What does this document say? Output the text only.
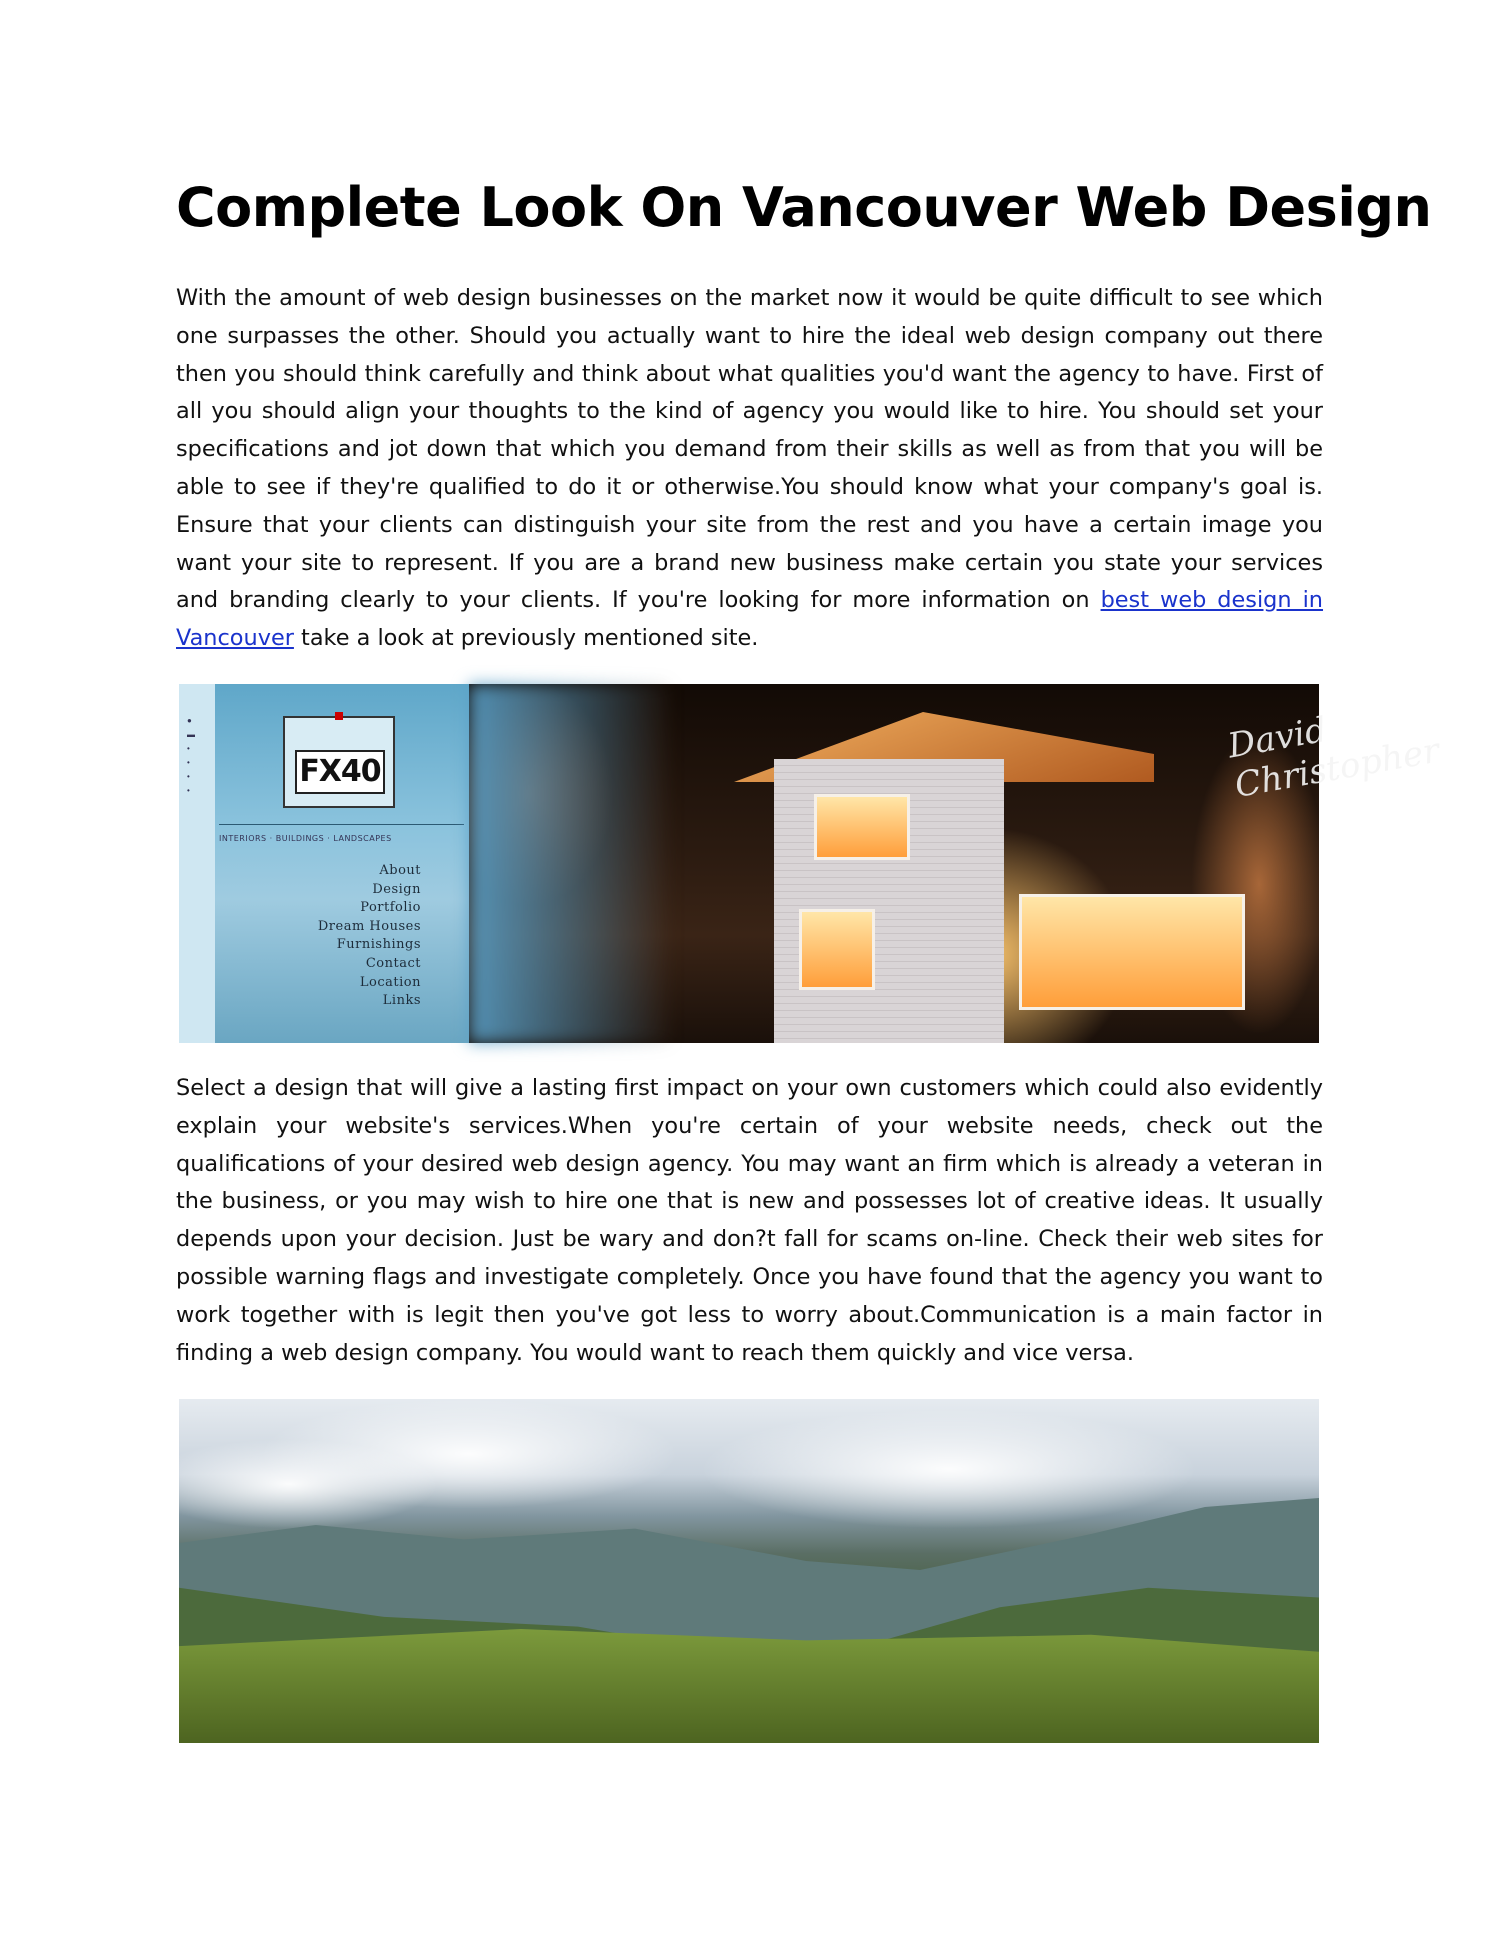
Complete Look On Vancouver Web Design

With the amount of web design businesses on the market now it would be quite difficult to see which one surpasses the other. Should you actually want to hire the ideal web design company out there then you should think carefully and think about what qualities you'd want the agency to have. First of all you should align your thoughts to the kind of agency you would like to hire. You should set your specifications and jot down that which you demand from their skills as well as from that you will be able to see if they're qualified to do it or otherwise.You should know what your company's goal is. Ensure that your clients can distinguish your site from the rest and you have a certain image you want your site to represent. If you are a brand new business make certain you state your services and branding clearly to your clients. If you're looking for more information on best web design in Vancouver take a look at previously mentioned site.

●
▬
•
•
•
•
FX40
INTERIORS · BUILDINGS · LANDSCAPES
About
Design
Portfolio
Dream Houses
Furnishings
Contact
Location
Links
David Christopher

Select a design that will give a lasting first impact on your own customers which could also evidently explain your website's services.When you're certain of your website needs, check out the qualifications of your desired web design agency. You may want an firm which is already a veteran in the business, or you may wish to hire one that is new and possesses lot of creative ideas. It usually depends upon your decision. Just be wary and don?t fall for scams on-line. Check their web sites for possible warning flags and investigate completely. Once you have found that the agency you want to work together with is legit then you've got less to worry about.Communication is a main factor in finding a web design company. You would want to reach them quickly and vice versa.
